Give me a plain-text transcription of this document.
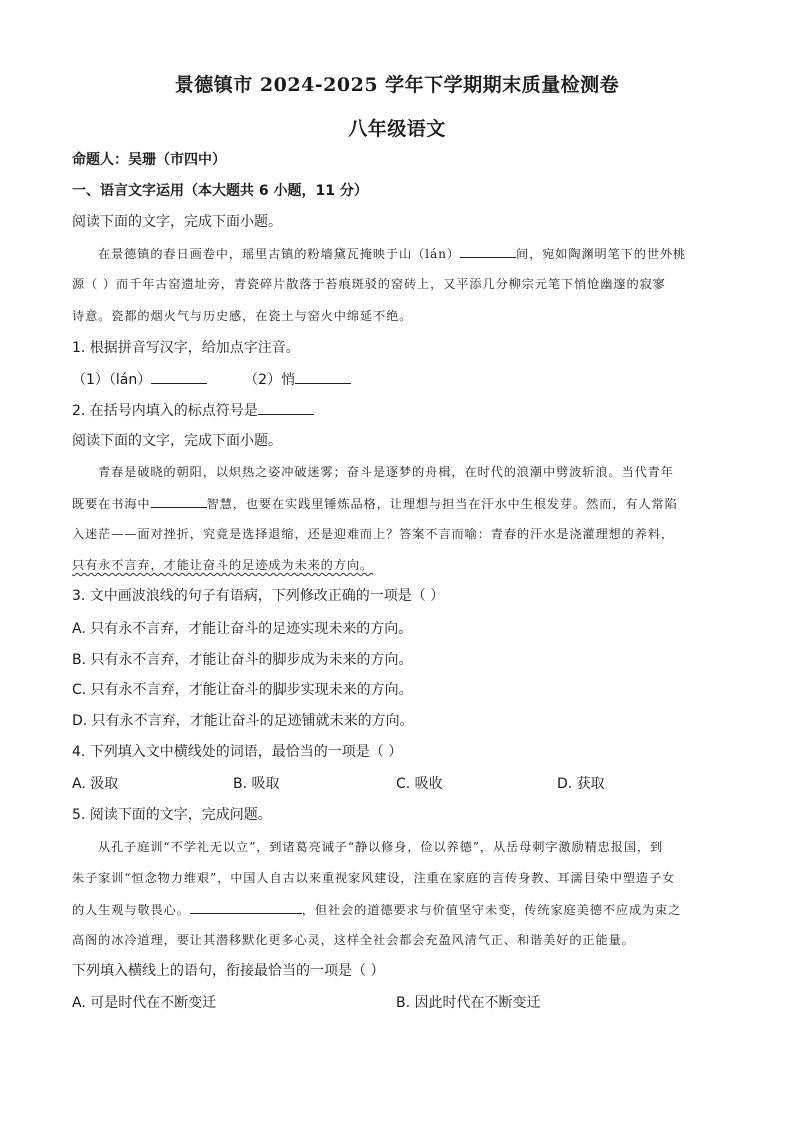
景德镇市 2024-2025 学年下学期期末质量检测卷
八年级语文
命题人：吴珊（市四中）
一、语言文字运用（本大题共 6 小题，11 分）
阅读下面的文字，完成下面小题。
在景德镇的春日画卷中，瑶里古镇的粉墙黛瓦掩映于山（lán）	间，宛如陶渊明笔下的世外桃
源（ ）而千年古窑遗址旁，青瓷碎片散落于苔痕斑驳的窑砖上，又平添几分柳宗元笔下悄怆幽邃的寂寥
诗意。瓷都的烟火气与历史感，在瓷土与窑火中绵延不绝。
1. 根据拼音写汉字，给加点字注音。
（1）（lán）	（2）悄
2. 在括号内填入的标点符号是
阅读下面的文字，完成下面小题。
青春是破晓的朝阳，以炽热之姿冲破迷雾；奋斗是逐梦的舟楫，在时代的浪潮中劈波斩浪。当代青年
既要在书海中	智慧，也要在实践里锤炼品格，让理想与担当在汗水中生根发芽。然而，有人常陷
入迷茫——面对挫折，究竟是选择退缩，还是迎难而上？答案不言而喻：青春的汗水是浇灌理想的养料，
只有永不言弃，才能让奋斗的足迹成为未来的方向。
3. 文中画波浪线的句子有语病，下列修改正确的一项是（ ）
A. 只有永不言弃，才能让奋斗的足迹实现未来的方向。
B. 只有永不言弃，才能让奋斗的脚步成为未来的方向。
C. 只有永不言弃，才能让奋斗的脚步实现未来的方向。
D. 只有永不言弃，才能让奋斗的足迹铺就未来的方向。
4. 下列填入文中横线处的词语，最恰当的一项是（ ）
A. 汲取	B. 吸取	C. 吸收	D. 获取
5. 阅读下面的文字，完成问题。
从孔子庭训“不学礼无以立”，到诸葛亮诫子“静以修身，俭以养德”，从岳母刺字激励精忠报国，到
朱子家训“恒念物力维艰”，中国人自古以来重视家风建设，注重在家庭的言传身教、耳濡目染中塑造子女
的人生观与敬畏心。	，但社会的道德要求与价值坚守未变，传统家庭美德不应成为束之
高阁的冰冷道理，要让其潜移默化更多心灵，这样全社会都会充盈风清气正、和谐美好的正能量。
下列填入横线上的语句，衔接最恰当的一项是（ ）
A. 可是时代在不断变迁	B. 因此时代在不断变迁
